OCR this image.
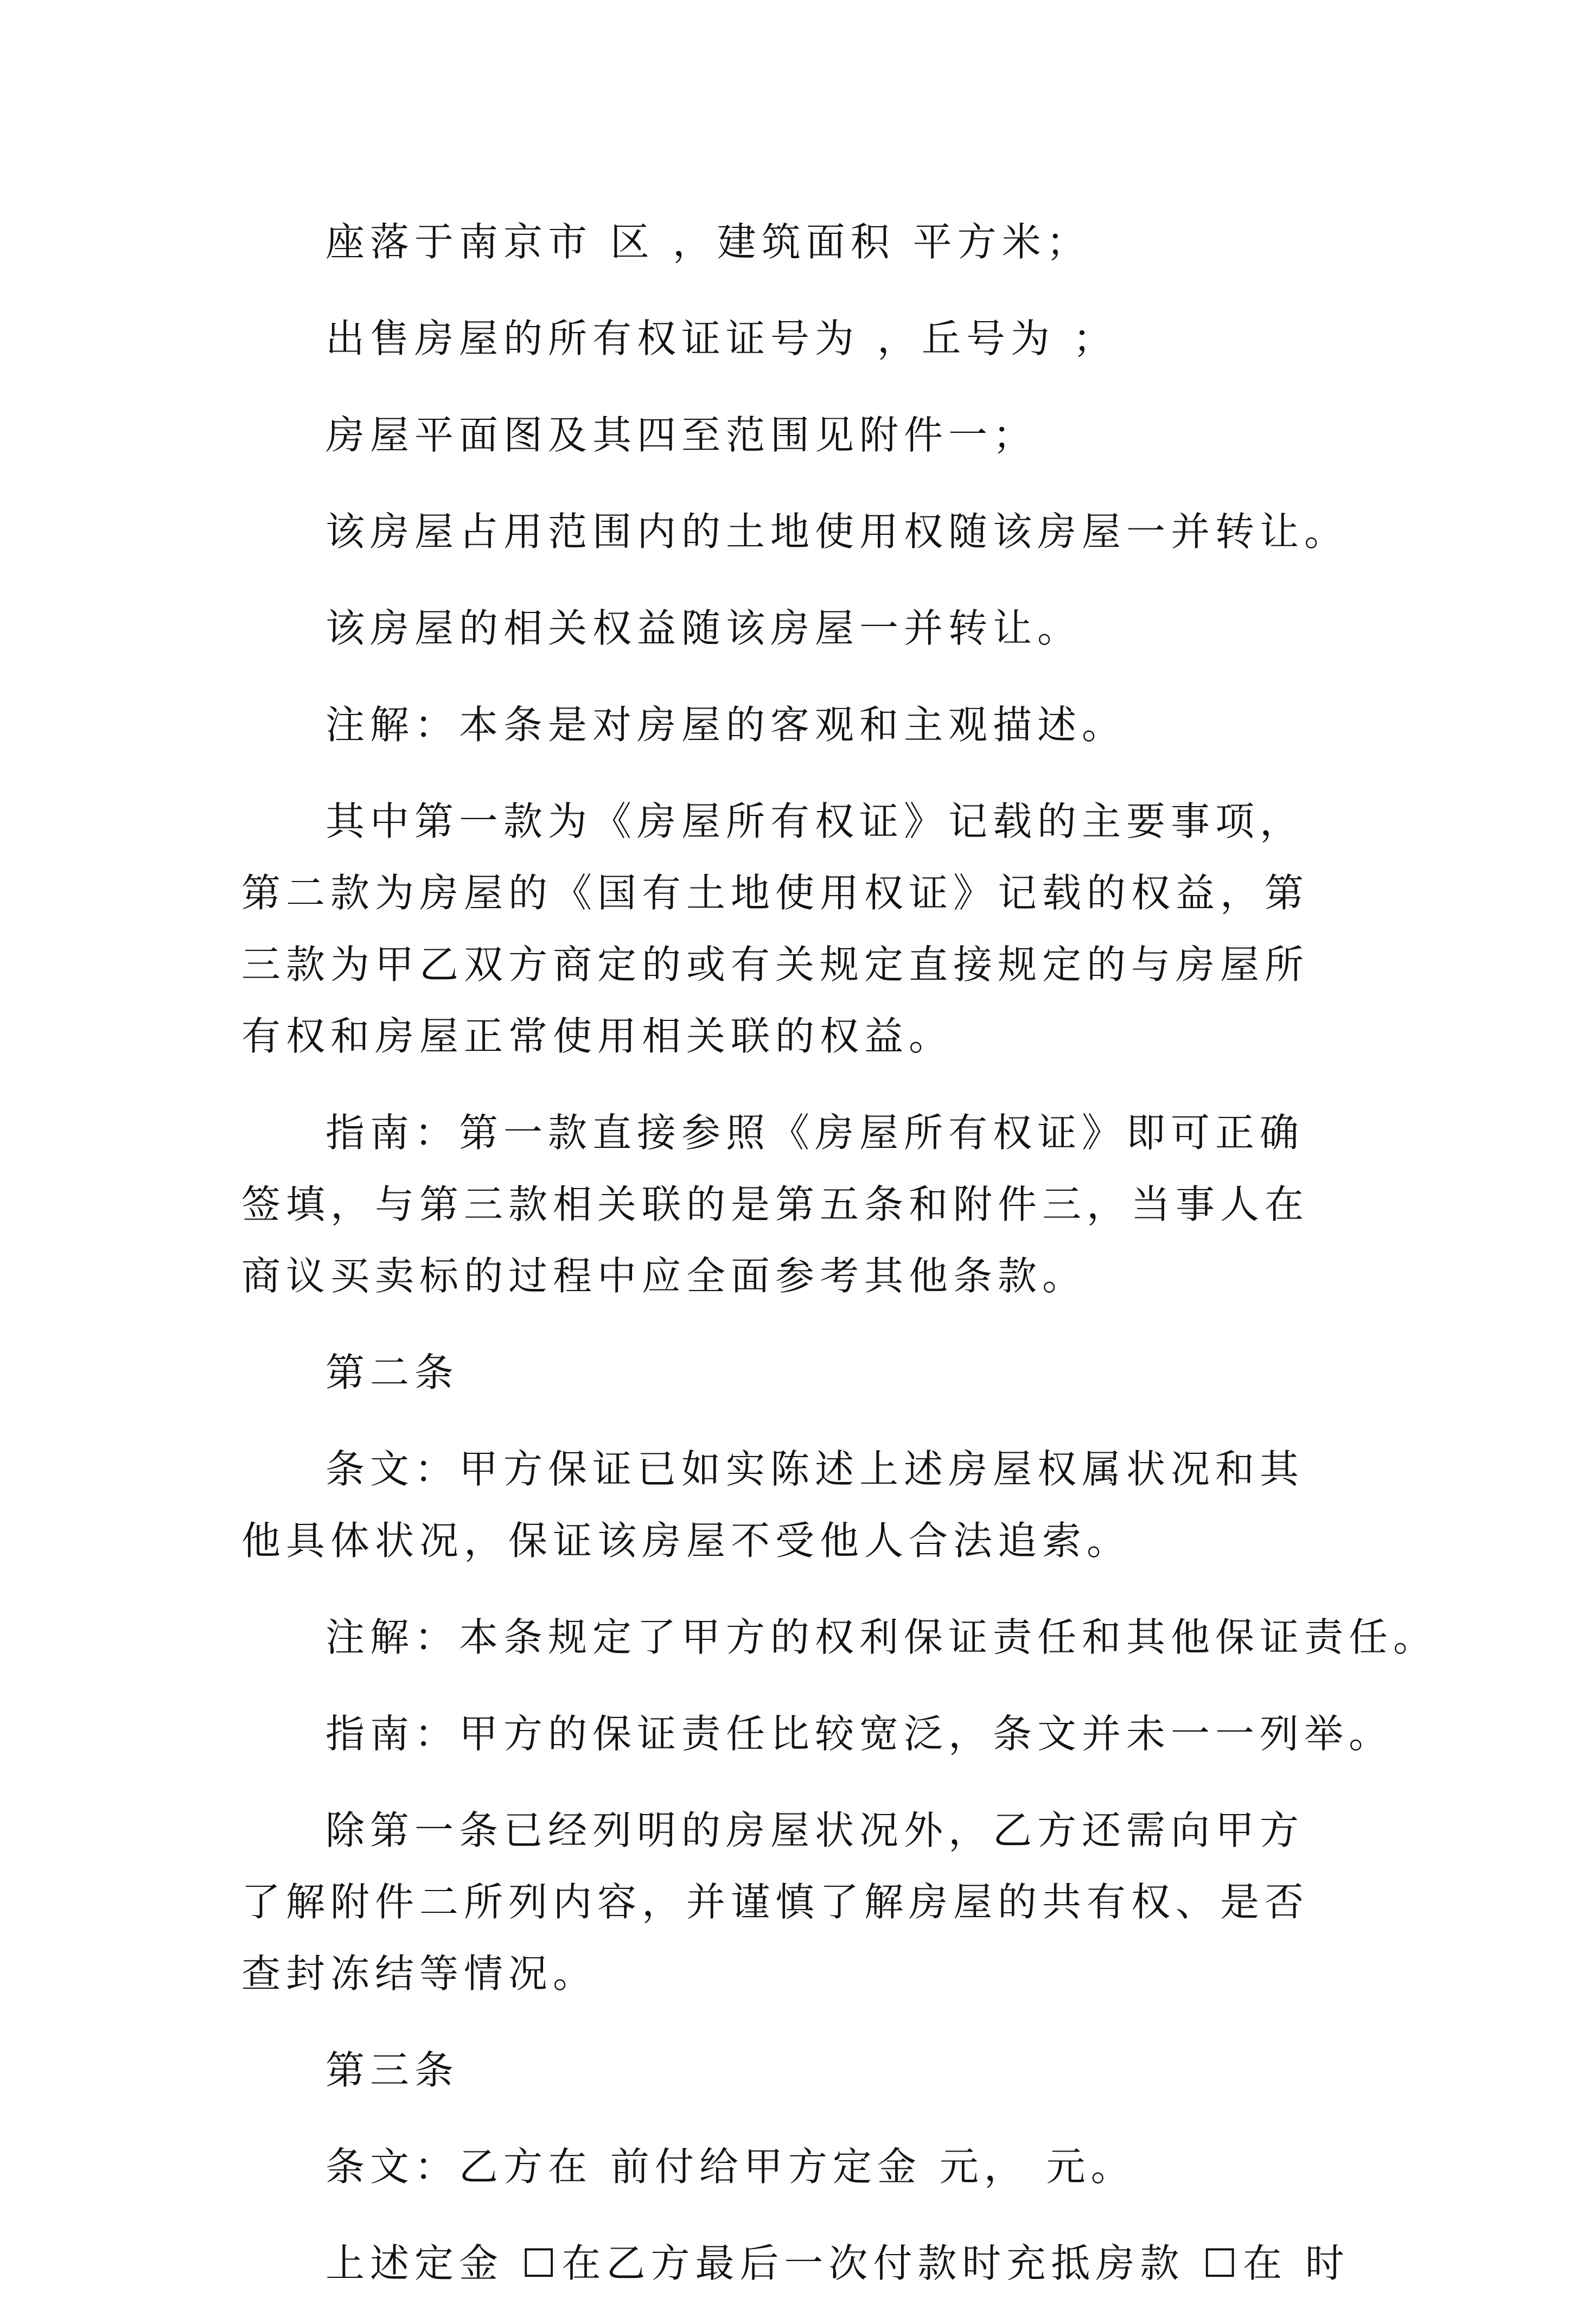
座落于南京市 区 ，建筑面积 平方米；

出售房屋的所有权证证号为 ，丘号为 ；

房屋平面图及其四至范围见附件一；

该房屋占用范围内的土地使用权随该房屋一并转让。

该房屋的相关权益随该房屋一并转让。

注解：本条是对房屋的客观和主观描述。

其中第一款为《房屋所有权证》记载的主要事项，第二款为房屋的《国有土地使用权证》记载的权益，第三款为甲乙双方商定的或有关规定直接规定的与房屋所有权和房屋正常使用相关联的权益。

指南：第一款直接参照《房屋所有权证》即可正确签填，与第三款相关联的是第五条和附件三，当事人在商议买卖标的过程中应全面参考其他条款。

第二条

条文：甲方保证已如实陈述上述房屋权属状况和其他具体状况，保证该房屋不受他人合法追索。

注解：本条规定了甲方的权利保证责任和其他保证责任。

指南：甲方的保证责任比较宽泛，条文并未一一列举。

除第一条已经列明的房屋状况外，乙方还需向甲方了解附件二所列内容，并谨慎了解房屋的共有权、是否查封冻结等情况。

第三条

条文：乙方在 前付给甲方定金 元， 元。

上述定金 ☐在乙方最后一次付款时充抵房款 ☐在 时
